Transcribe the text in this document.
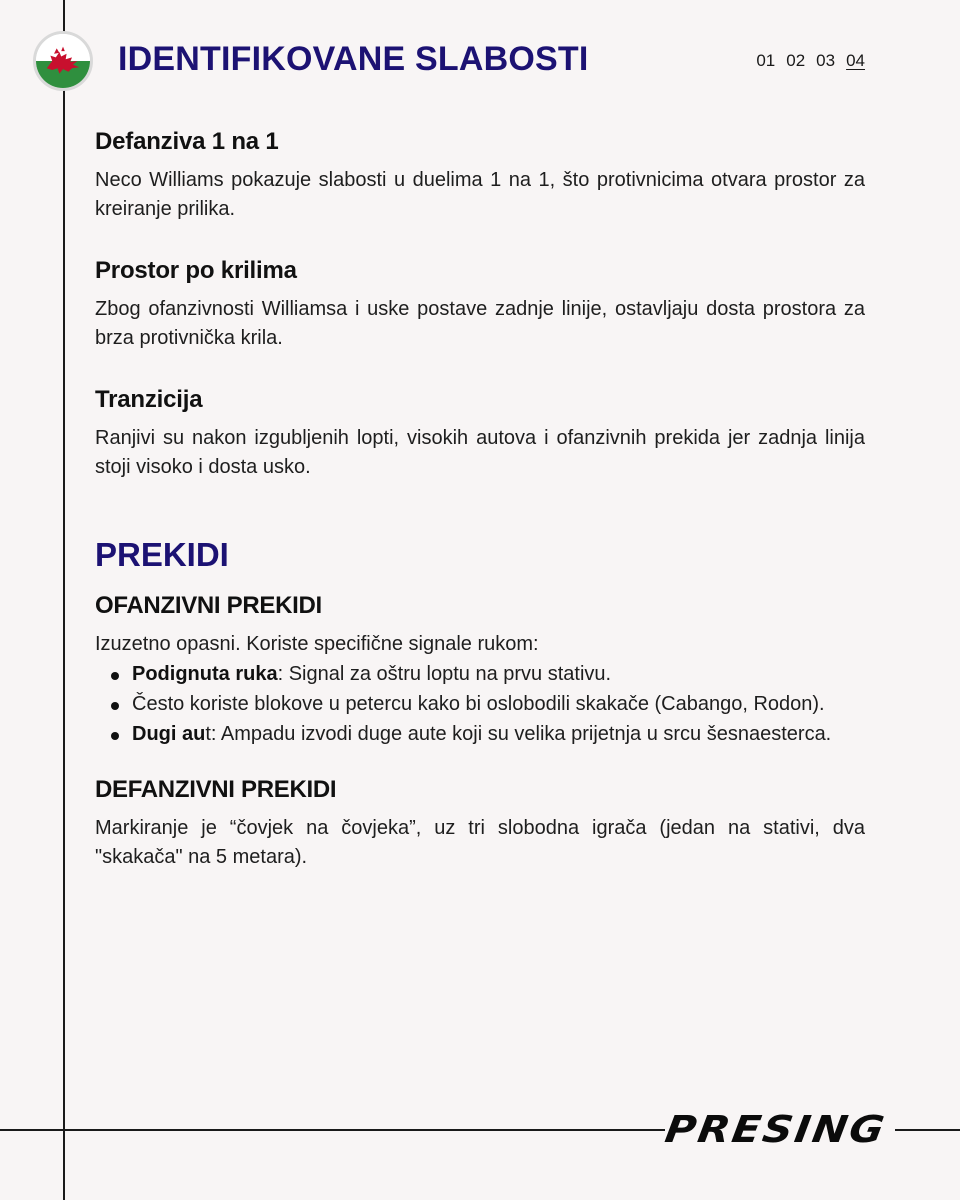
IDENTIFIKOVANE SLABOSTI	01 02 03 04
Defanziva 1 na 1

Neco Williams pokazuje slabosti u duelima 1 na 1, što protivnicima otvara prostor za kreiranje prilika.

Prostor po krilima

Zbog ofanzivnosti Williamsa i uske postave zadnje linije, ostavljaju dosta prostora za brza protivnička krila.

Tranzicija

Ranjivi su nakon izgubljenih lopti, visokih autova i ofanzivnih prekida jer zadnja linija stoji visoko i dosta usko.

PREKIDI
OFANZIVNI PREKIDI

Izuzetno opasni. Koriste specifične signale rukom:

Podignuta ruka: Signal za oštru loptu na prvu stativu.
Često koriste blokove u petercu kako bi oslobodili skakače (Cabango, Rodon).
Dugi aut: Ampadu izvodi duge aute koji su velika prijetnja u srcu šesnaesterca.
DEFANZIVNI PREKIDI

Markiranje je “čovjek na čovjeka”, uz tri slobodna igrača (jedan na stativi, dva "skakača" na 5 metara).

PRESING
